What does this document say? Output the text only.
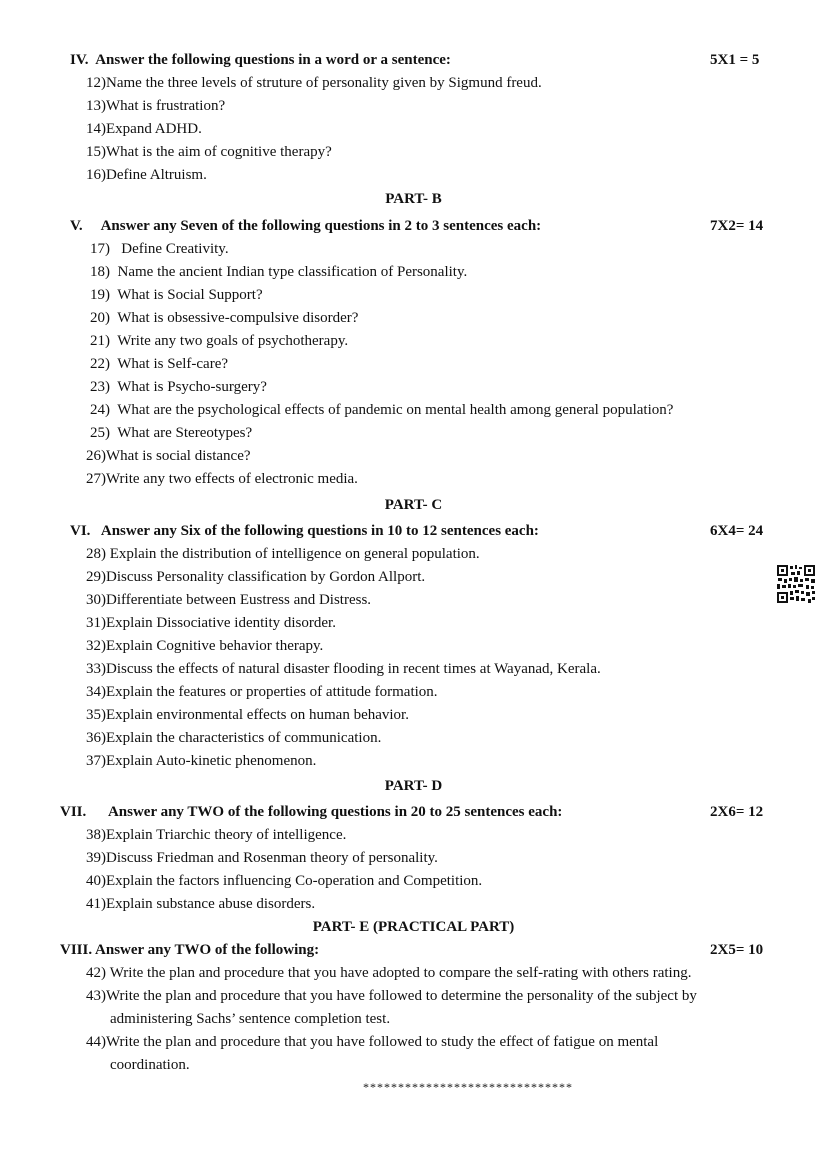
IV. Answer the following questions in a word or a sentence:	5X1 = 5
12)Name the three levels of struture of personality given by Sigmund freud.
13)What is frustration?
14)Expand ADHD.
15)What is the aim of cognitive therapy?
16)Define Altruism.
PART- B
V. Answer any Seven of the following questions in 2 to 3 sentences each:	7X2= 14
17) Define Creativity.
18) Name the ancient Indian type classification of Personality.
19) What is Social Support?
20) What is obsessive-compulsive disorder?
21) Write any two goals of psychotherapy.
22) What is Self-care?
23) What is Psycho-surgery?
24) What are the psychological effects of pandemic on mental health among general population?
25) What are Stereotypes?
26)What is social distance?
27)Write any two effects of electronic media.
PART- C
VI. Answer any Six of the following questions in 10 to 12 sentences each:	6X4= 24
28) Explain the distribution of intelligence on general population.
29)Discuss Personality classification by Gordon Allport.
30)Differentiate between Eustress and Distress.
31)Explain Dissociative identity disorder.
32)Explain Cognitive behavior therapy.
33)Discuss the effects of natural disaster flooding in recent times at Wayanad, Kerala.
34)Explain the features or properties of attitude formation.
35)Explain environmental effects on human behavior.
36)Explain the characteristics of communication.
37)Explain Auto-kinetic phenomenon.
PART- D
VII. Answer any TWO of the following questions in 20 to 25 sentences each:	2X6= 12
38)Explain Triarchic theory of intelligence.
39)Discuss Friedman and Rosenman theory of personality.
40)Explain the factors influencing Co-operation and Competition.
41)Explain substance abuse disorders.
PART- E (PRACTICAL PART)
VIII. Answer any TWO of the following:	2X5= 10
42) Write the plan and procedure that you have adopted to compare the self-rating with others rating.
43)Write the plan and procedure that you have followed to determine the personality of the subject by
administering Sachs’ sentence completion test.
44)Write the plan and procedure that you have followed to study the effect of fatigue on mental
coordination.
******************************
